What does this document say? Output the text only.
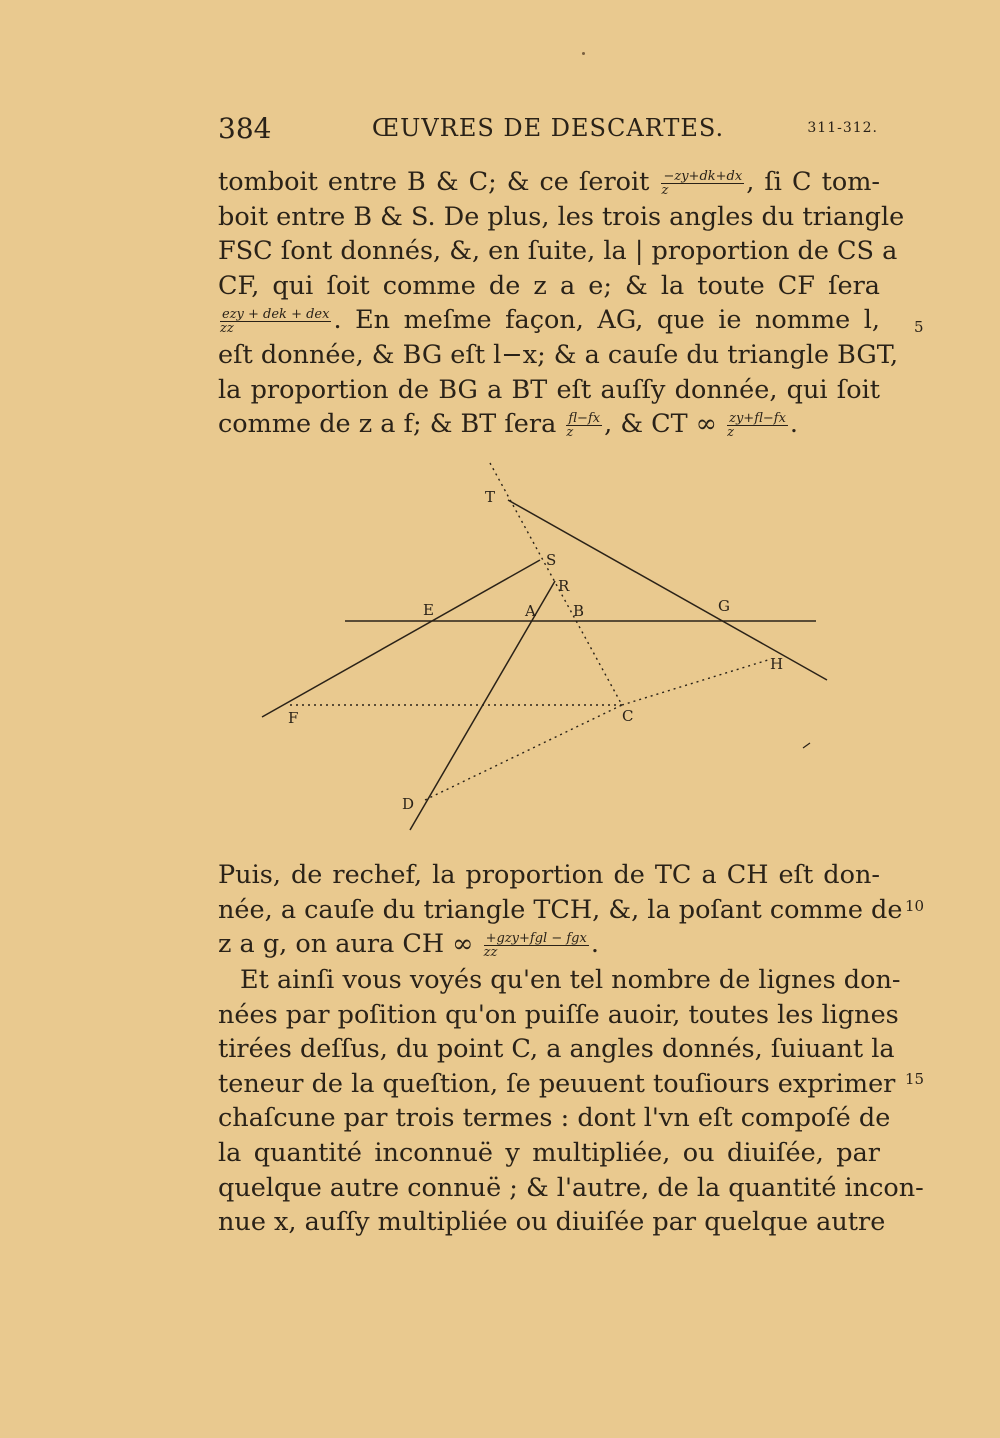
384	ŒUVRES DE DESCARTES.	311-312.
tomboit entre B & C; & ce ſeroit $\frac{-zy+dk+dx}{z}$ , ſi C tom-
boit entre B & S. De plus, les trois angles du triangle
FSC ſont donnés, &, en ſuite, la | proportion de CS a
CF, qui ſoit comme de z a e; & la toute CF ſera
$\frac{\text{ezy + dek + dex}}{zz}$ . En meſme façon, AG, que ie nomme l,
eſt donnée, & BG eſt l−x; & a cauſe du triangle BGT,
la proportion de BG a BT eſt auſſy donnée, qui ſoit
comme de z a f; & BT ſera $\frac{fl-fx}{z}$ , & CT ∞ $\frac{zy+fl-fx}{z}$ .
5
T
S
R
E	A B	G
H
F	C
D
Puis, de rechef, la proportion de TC a CH eſt don-
née, a cauſe du triangle TCH, &, la poſant comme de
z a g, on aura CH ∞ $\frac{\text{+gzy+fgl − fgx}}{zz}$ .
10
Et ainſi vous voyés qu'en tel nombre de lignes don-
nées par poſition qu'on puiſſe auoir, toutes les lignes
tirées deſſus, du point C, a angles donnés, ſuiuant la
teneur de la queſtion, ſe peuuent touſiours exprimer
chaſcune par trois termes : dont l'vn eſt compoſé de
la quantité inconnuë y multipliée, ou diuiſée, par
quelque autre connuë ; & l'autre, de la quantité incon-
nue x, auſſy multipliée ou diuiſée par quelque autre
15
